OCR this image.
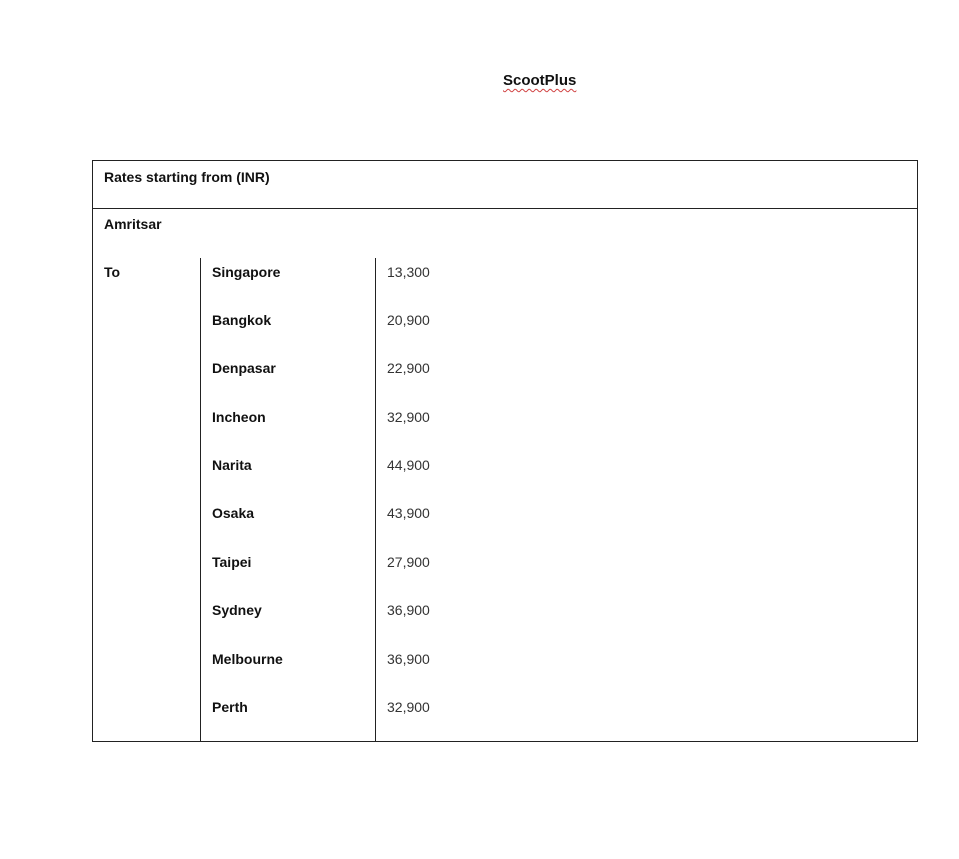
ScootPlus
Rates starting from (INR)		
Amritsar		
To	Singapore	13,300
	Bangkok	20,900
	Denpasar	22,900
	Incheon	32,900
	Narita	44,900
	Osaka	43,900
	Taipei	27,900
	Sydney	36,900
	Melbourne	36,900
	Perth	32,900
